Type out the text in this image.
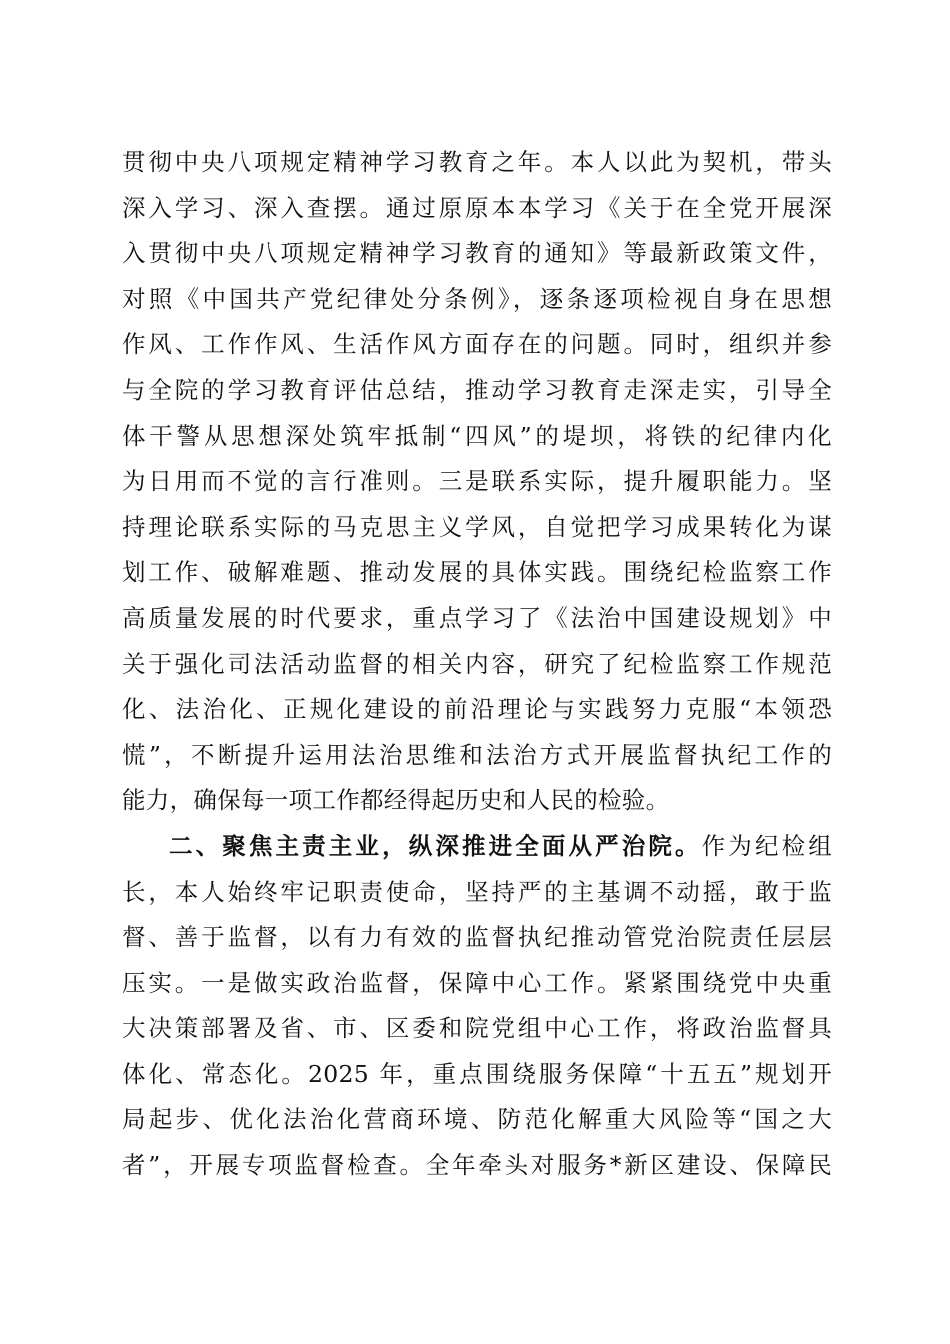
贯彻中央八项规定精神学习教育之年。本人以此为契机，带头
深入学习、深入查摆。通过原原本本学习《关于在全党开展深
入贯彻中央八项规定精神学习教育的通知》等最新政策文件，
对照《中国共产党纪律处分条例》，逐条逐项检视自身在思想
作风、工作作风、生活作风方面存在的问题。同时，组织并参
与全院的学习教育评估总结，推动学习教育走深走实，引导全
体干警从思想深处筑牢抵制“四风”的堤坝，将铁的纪律内化
为日用而不觉的言行准则。三是联系实际，提升履职能力。坚
持理论联系实际的马克思主义学风，自觉把学习成果转化为谋
划工作、破解难题、推动发展的具体实践。围绕纪检监察工作
高质量发展的时代要求，重点学习了《法治中国建设规划》中
关于强化司法活动监督的相关内容，研究了纪检监察工作规范
化、法治化、正规化建设的前沿理论与实践努力克服“本领恐
慌”，不断提升运用法治思维和法治方式开展监督执纪工作的
能力，确保每一项工作都经得起历史和人民的检验。
二、聚焦主责主业，纵深推进全面从严治院。作为纪检组
长，本人始终牢记职责使命，坚持严的主基调不动摇，敢于监
督、善于监督，以有力有效的监督执纪推动管党治院责任层层
压实。一是做实政治监督，保障中心工作。紧紧围绕党中央重
大决策部署及省、市、区委和院党组中心工作，将政治监督具
体化、常态化。2025 年，重点围绕服务保障“十五五”规划开
局起步、优化法治化营商环境、防范化解重大风险等“国之大
者”，开展专项监督检查。全年牵头对服务*新区建设、保障民
